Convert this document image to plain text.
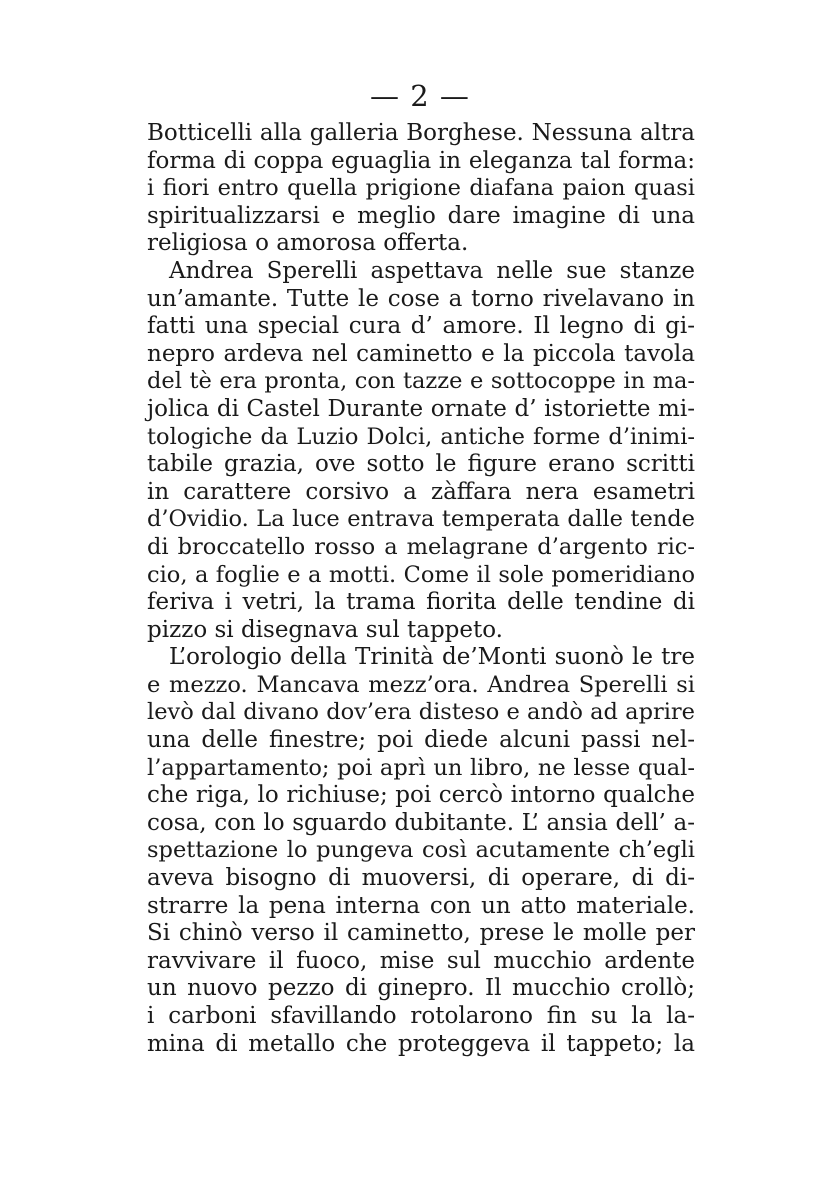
— 2 —
Botticelli alla galleria Borghese. Nessuna altra
forma di coppa eguaglia in eleganza tal forma:
i fiori entro quella prigione diafana paion quasi
spiritualizzarsi e meglio dare imagine di una
religiosa o amorosa offerta.
Andrea Sperelli aspettava nelle sue stanze
un’amante. Tutte le cose a torno rivelavano in
fatti una special cura d’ amore. Il legno di gi-
nepro ardeva nel caminetto e la piccola tavola
del tè era pronta, con tazze e sottocoppe in ma-
jolica di Castel Durante ornate d’ istoriette mi-
tologiche da Luzio Dolci, antiche forme d’inimi-
tabile grazia, ove sotto le figure erano scritti
in carattere corsivo a zàffara nera esametri
d’Ovidio. La luce entrava temperata dalle tende
di broccatello rosso a melagrane d’argento ric-
cio, a foglie e a motti. Come il sole pomeridiano
feriva i vetri, la trama fiorita delle tendine di
pizzo si disegnava sul tappeto.
L’orologio della Trinità de’Monti suonò le tre
e mezzo. Mancava mezz’ora. Andrea Sperelli si
levò dal divano dov’era disteso e andò ad aprire
una delle finestre; poi diede alcuni passi nel-
l’appartamento; poi aprì un libro, ne lesse qual-
che riga, lo richiuse; poi cercò intorno qualche
cosa, con lo sguardo dubitante. L’ ansia dell’ a-
spettazione lo pungeva così acutamente ch’egli
aveva bisogno di muoversi, di operare, di di-
strarre la pena interna con un atto materiale.
Si chinò verso il caminetto, prese le molle per
ravvivare il fuoco, mise sul mucchio ardente
un nuovo pezzo di ginepro. Il mucchio crollò;
i carboni sfavillando rotolarono fin su la la-
mina di metallo che proteggeva il tappeto; la
